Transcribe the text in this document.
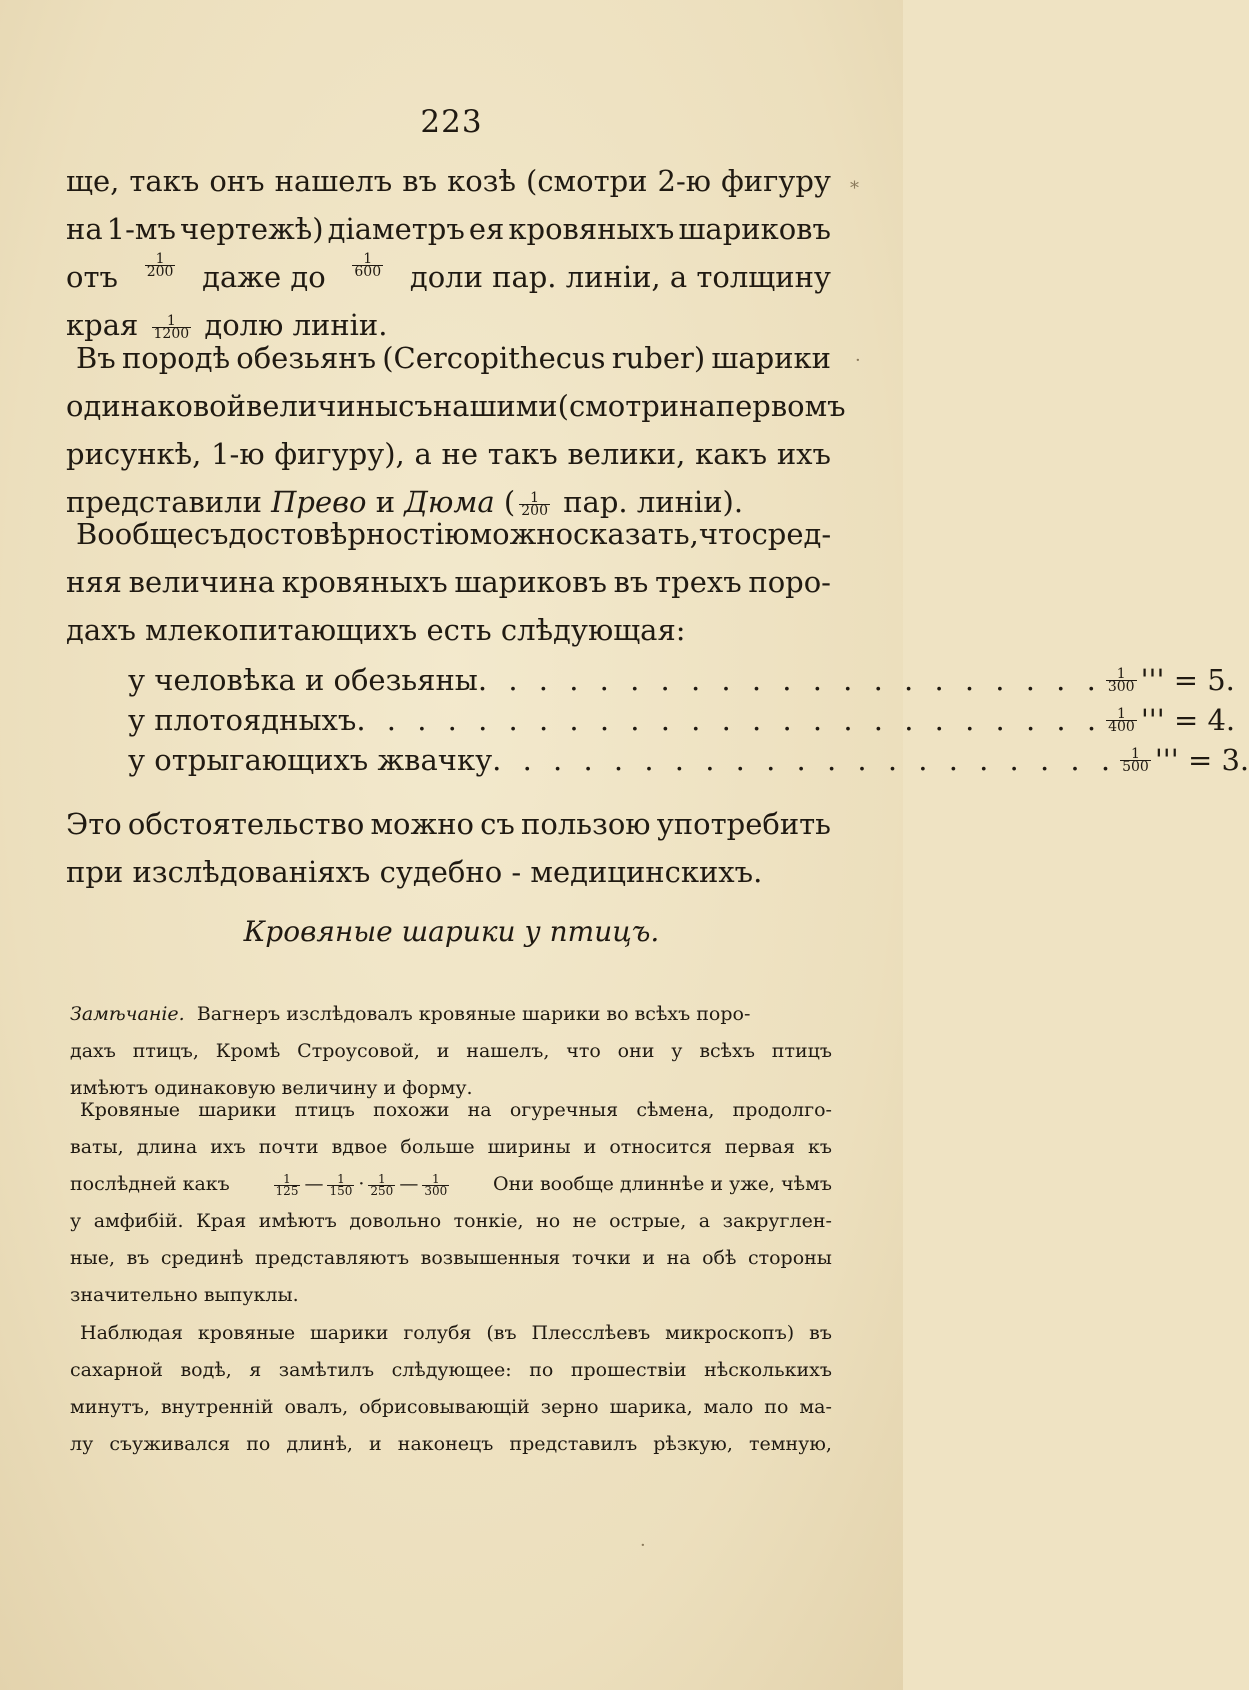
223
ще, такъ онъ нашелъ въ козѣ (смотри 2-ю фигуру
на 1-мъ чертежѣ) діаметръ ея кровяныхъ шариковъ
отъ $\frac{1}{200}$ даже до $\frac{1}{600}$ доли пар. линіи, а толщину
края $\frac{1}{1200}$ долю линіи.
Въ породѣ обезьянъ (Cercopithecus ruber) шарики
одинаковой величины съ нашими (смотри на первомъ
рисункѣ, 1-ю фигуру), а не такъ велики, какъ ихъ
представили Прево и Дюма ( $\frac{1}{200}$ пар. линіи).
Вообще съ достовѣрностію можно сказать, что сред-
няя величина кровяныхъ шариковъ въ трехъ поро-
дахъ млекопитающихъ есть слѣдующая:
у человѣка и обезьяны . . . . . . . . . . . . . . . . . . . . . $\frac{1}{300}$ ''' = 5.
у плотоядныхъ . . . . . . . . . . . . . . . . . . . . . . . . . $\frac{1}{400}$ ''' = 4.
у отрыгающихъ жвачку . . . . . . . . . . . . . . . . . . . . . $\frac{1}{500}$ ''' = 3.
Это обстоятельство можно съ пользою употребить
при изслѣдованіяхъ судебно - медицинскихъ.
Кровяные шарики у птицъ.
Замѣчаніе. Вагнеръ изслѣдовалъ кровяные шарики во всѣхъ поро-
дахъ птицъ, Кромѣ Строусовой, и нашелъ, что они у всѣхъ птицъ
имѣютъ одинаковую величину и форму.
Кровяные шарики птицъ похожи на огуречныя сѣмена, продолго-
ваты, длина ихъ почти вдвое больше ширины и относится первая къ
послѣдней какъ	$\frac{1}{125}$ — $\frac{1}{150} \cdot \frac{1}{250}$ — $\frac{1}{300}$ Они вообще длиннѣе и уже, чѣмъ
у амфибій. Края имѣютъ довольно тонкіе, но не острые, а закруглен-
ные, въ срединѣ представляютъ возвышенныя точки и на обѣ стороны
значительно выпуклы.
Наблюдая кровяные шарики голубя (въ Плесслѣевъ микроскопъ) въ
сахарной водѣ, я замѣтилъ слѣдующее: по прошествіи нѣсколькихъ
минутъ, внутренній овалъ, обрисовывающій зерно шарика, мало по ма-
лу съуживался по длинѣ, и наконецъ представилъ рѣзкую, темную,
*
·
·
